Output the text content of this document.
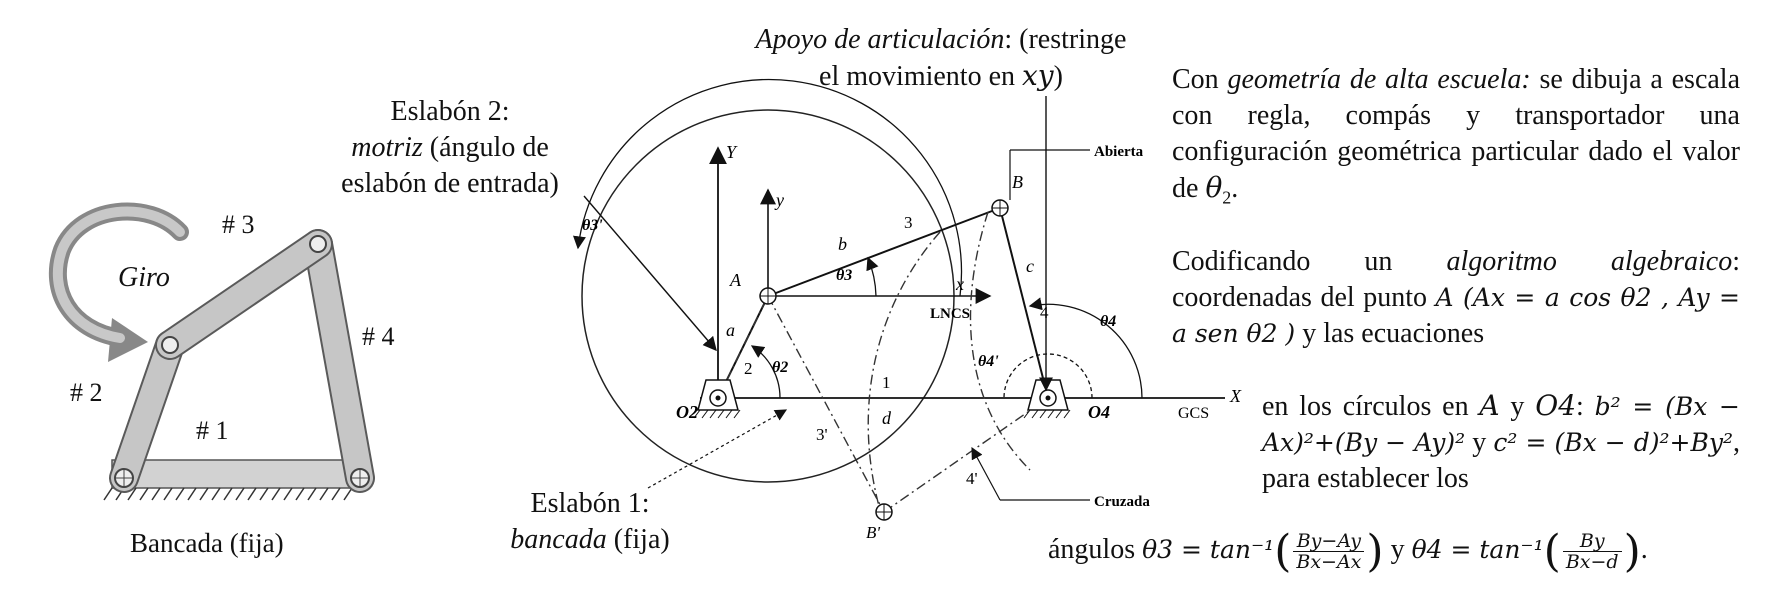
# 3
# 4
# 2
# 1
Giro
Bancada (fija)
Y
y
x
A
B
B'
O2	O4
a
b
c
d
1
2
3
4
3'
4'
θ2
θ3
θ4
θ3'
θ4'
LNCS
GCS
X
Abierta
Cruzada
Apoyo de articulación: (restringe
el movimiento en xy)
Eslabón 2:
motriz (ángulo de
eslabón de entrada)
Eslabón 1:
bancada (fija)
Con geometría de alta escuela: se dibuja a escala con regla, compás y transportador una configuración geométrica particular dado el valor de $\theta_2$.
Codificando un algoritmo algebraico: coordenadas del punto A (Ax = a cos θ2 , Ay = a sen θ2 ) y las ecuaciones
en los círculos en A y O4: b² = (Bx − Ax)²+(By − Ay)² y c² = (Bx − d)²+By², para establecer los
ángulos $\theta 3 = \tan^{-1}( \frac{By-Ay}{Bx-Ax}$ ) y $\theta 4 = \tan^{-1}( \frac{By}{Bx-d}$ ).
